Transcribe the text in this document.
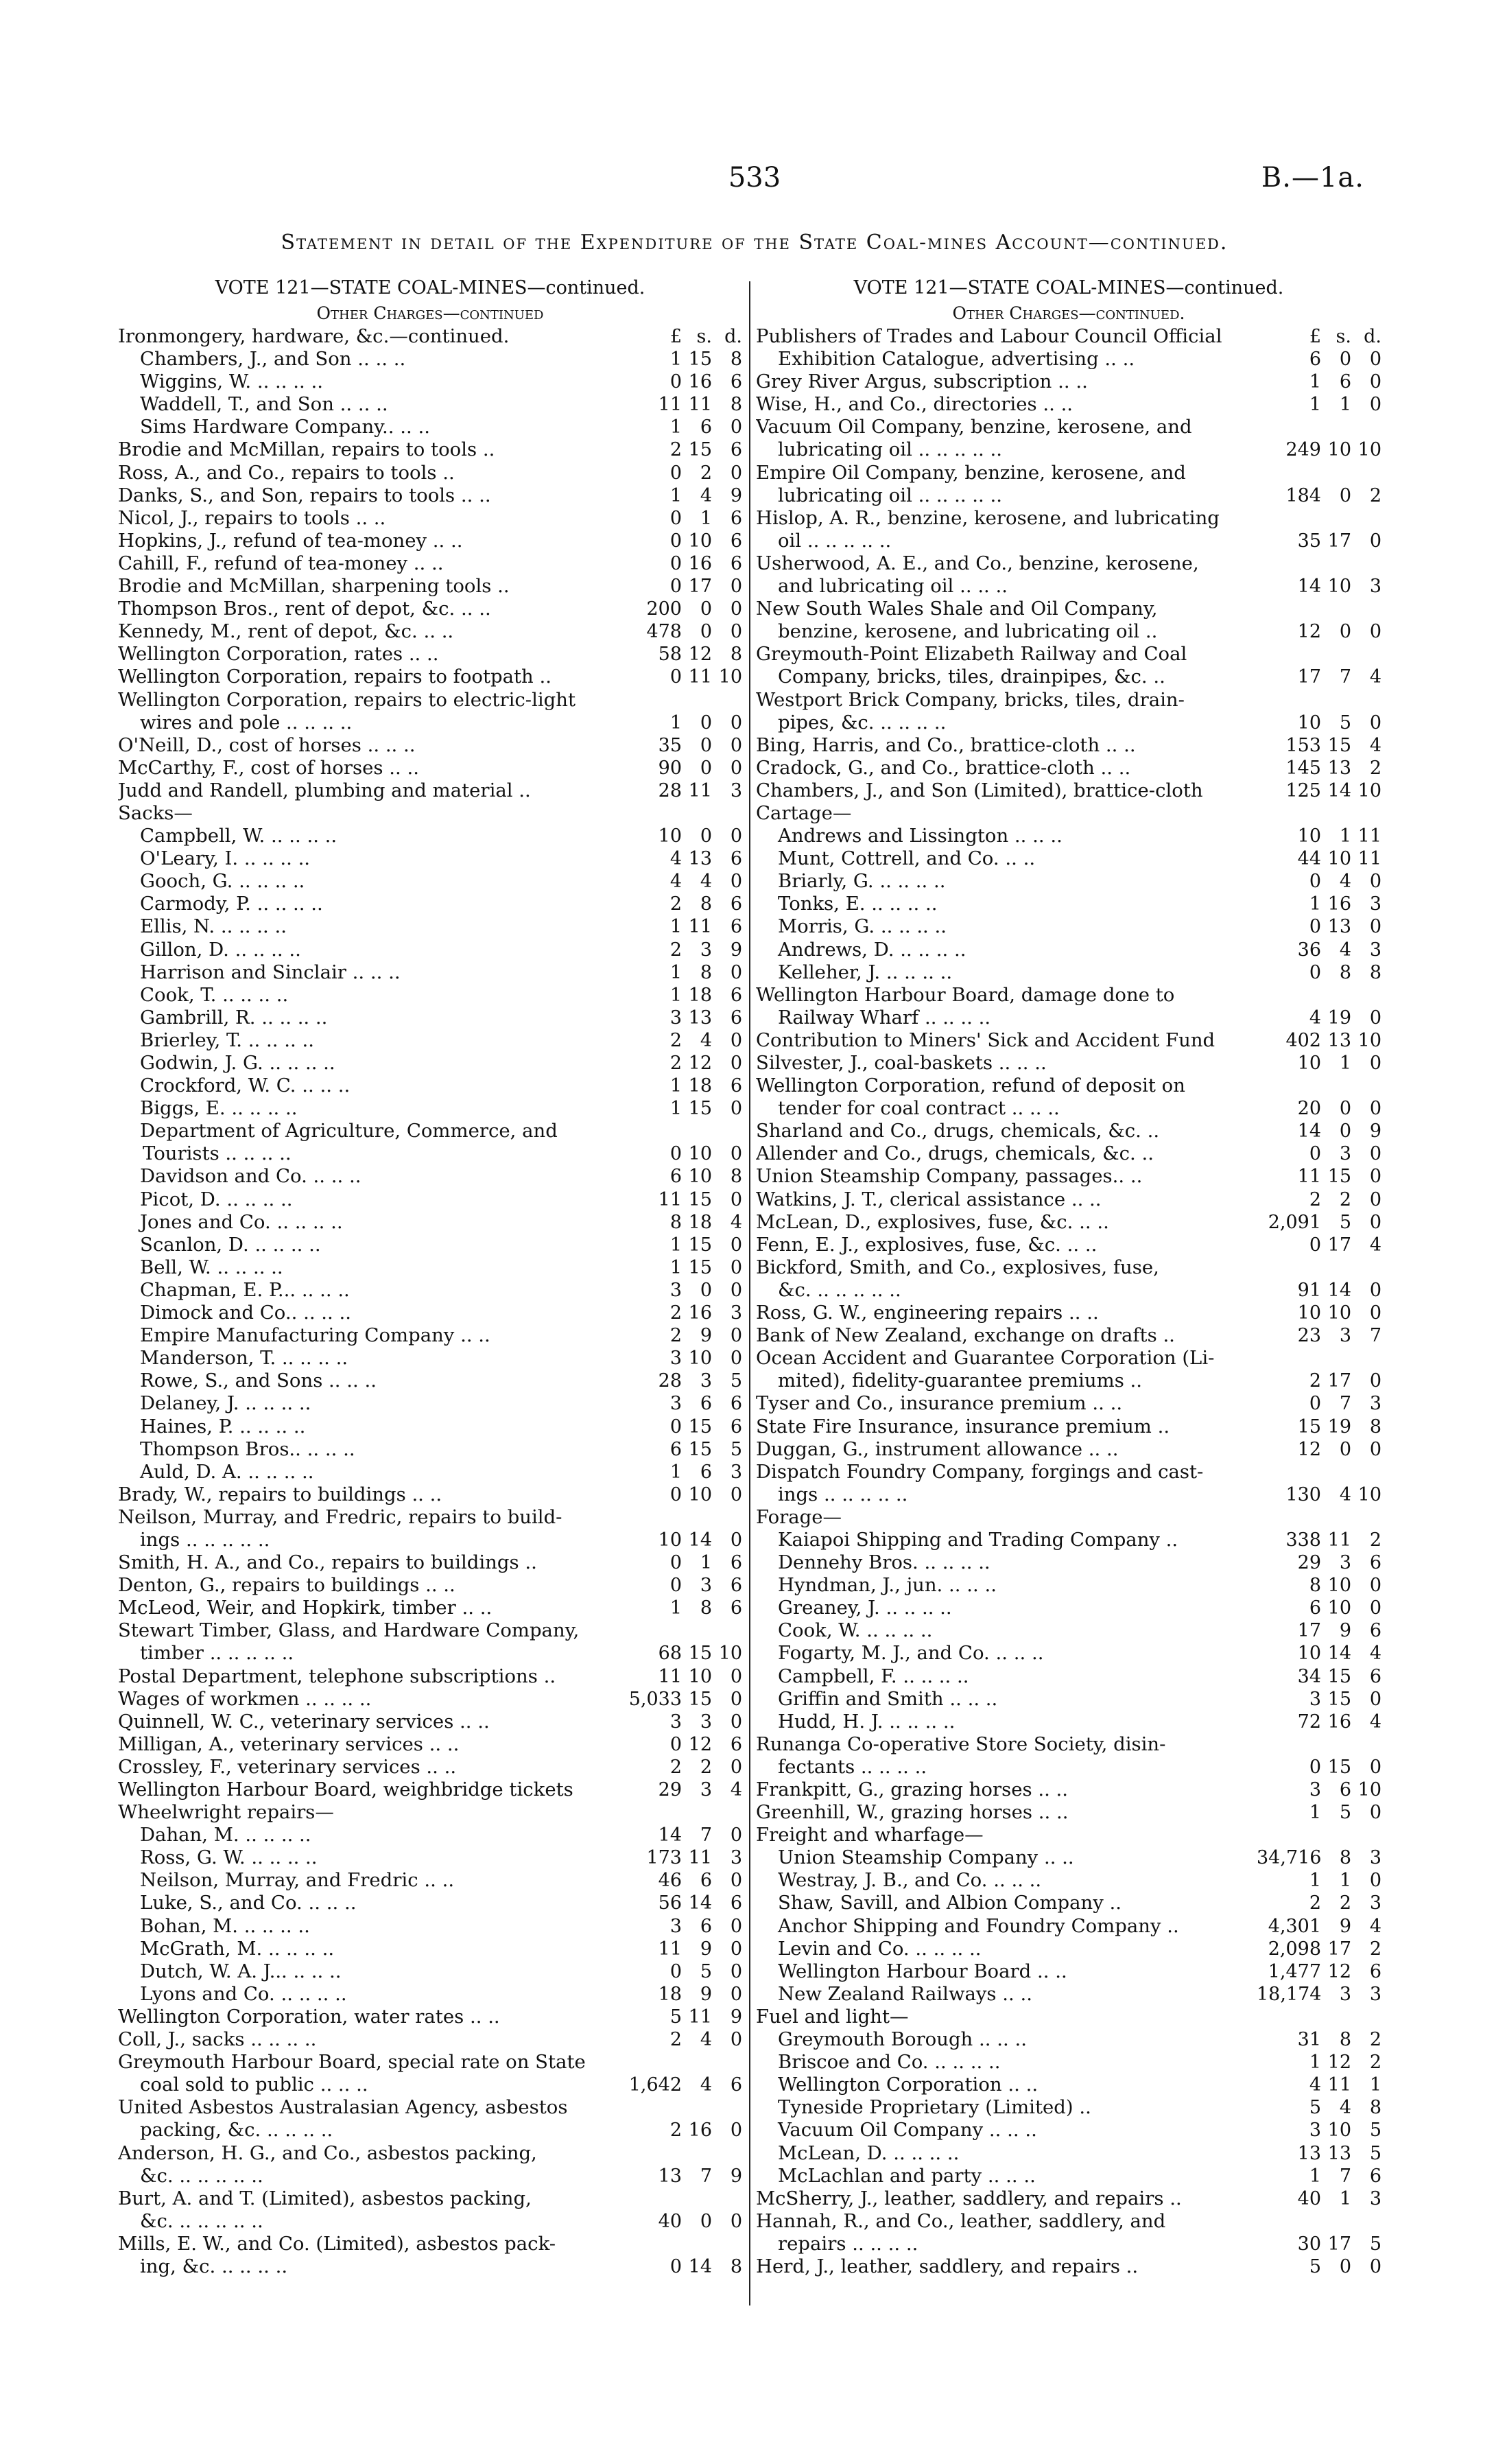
533	B.—1a.
Statement in detail of the Expenditure of the State Coal-mines Account—continued.
VOTE 121—STATE COAL-MINES—continued.
Other Charges—continued
Ironmongery, hardware, &c.—continued.	£ s. d.
Chambers, J., and Son .. .. ..	1 15 8
Wiggins, W. .. .. .. ..	0 16 6
Waddell, T., and Son .. .. ..	11 11 8
Sims Hardware Company.. .. ..	1 6 0
Brodie and McMillan, repairs to tools ..	2 15 6
Ross, A., and Co., repairs to tools ..	0 2 0
Danks, S., and Son, repairs to tools .. ..	1 4 9
Nicol, J., repairs to tools .. ..	0 1 6
Hopkins, J., refund of tea-money .. ..	0 10 6
Cahill, F., refund of tea-money .. ..	0 16 6
Brodie and McMillan, sharpening tools ..	0 17 0
Thompson Bros., rent of depot, &c. .. ..	200 0 0
Kennedy, M., rent of depot, &c. .. ..	478 0 0
Wellington Corporation, rates .. ..	58 12 8
Wellington Corporation, repairs to footpath ..	0 11 10
Wellington Corporation, repairs to electric-light
wires and pole .. .. .. ..	1 0 0
O'Neill, D., cost of horses .. .. ..	35 0 0
McCarthy, F., cost of horses .. ..	90 0 0
Judd and Randell, plumbing and material ..	28 11 3
Sacks—
Campbell, W. .. .. .. ..	10 0 0
O'Leary, I. .. .. .. ..	4 13 6
Gooch, G. .. .. .. ..	4 4 0
Carmody, P. .. .. .. ..	2 8 6
Ellis, N. .. .. .. ..	1 11 6
Gillon, D. .. .. .. ..	2 3 9
Harrison and Sinclair .. .. ..	1 8 0
Cook, T. .. .. .. ..	1 18 6
Gambrill, R. .. .. .. ..	3 13 6
Brierley, T. .. .. .. ..	2 4 0
Godwin, J. G. .. .. .. ..	2 12 0
Crockford, W. C. .. .. ..	1 18 6
Biggs, E. .. .. .. ..	1 15 0
Department of Agriculture, Commerce, and
Tourists .. .. .. ..	0 10 0
Davidson and Co. .. .. ..	6 10 8
Picot, D. .. .. .. ..	11 15 0
Jones and Co. .. .. .. ..	8 18 4
Scanlon, D. .. .. .. ..	1 15 0
Bell, W. .. .. .. ..	1 15 0
Chapman, E. P... .. .. ..	3 0 0
Dimock and Co.. .. .. ..	2 16 3
Empire Manufacturing Company .. ..	2 9 0
Manderson, T. .. .. .. ..	3 10 0
Rowe, S., and Sons .. .. ..	28 3 5
Delaney, J. .. .. .. ..	3 6 6
Haines, P. .. .. .. ..	0 15 6
Thompson Bros.. .. .. ..	6 15 5
Auld, D. A. .. .. .. ..	1 6 3
Brady, W., repairs to buildings .. ..	0 10 0
Neilson, Murray, and Fredric, repairs to build-
ings .. .. .. .. ..	10 14 0
Smith, H. A., and Co., repairs to buildings ..	0 1 6
Denton, G., repairs to buildings .. ..	0 3 6
McLeod, Weir, and Hopkirk, timber .. ..	1 8 6
Stewart Timber, Glass, and Hardware Company,
timber .. .. .. .. ..	68 15 10
Postal Department, telephone subscriptions ..	11 10 0
Wages of workmen .. .. .. ..	5,033 15 0
Quinnell, W. C., veterinary services .. ..	3 3 0
Milligan, A., veterinary services .. ..	0 12 6
Crossley, F., veterinary services .. ..	2 2 0
Wellington Harbour Board, weighbridge tickets	29 3 4
Wheelwright repairs—
Dahan, M. .. .. .. ..	14 7 0
Ross, G. W. .. .. .. ..	173 11 3
Neilson, Murray, and Fredric .. ..	46 6 0
Luke, S., and Co. .. .. ..	56 14 6
Bohan, M. .. .. .. ..	3 6 0
McGrath, M. .. .. .. ..	11 9 0
Dutch, W. A. J... .. .. ..	0 5 0
Lyons and Co. .. .. .. ..	18 9 0
Wellington Corporation, water rates .. ..	5 11 9
Coll, J., sacks .. .. .. ..	2 4 0
Greymouth Harbour Board, special rate on State
coal sold to public .. .. ..	1,642 4 6
United Asbestos Australasian Agency, asbestos
packing, &c. .. .. .. ..	2 16 0
Anderson, H. G., and Co., asbestos packing,
&c. .. .. .. .. ..	13 7 9
Burt, A. and T. (Limited), asbestos packing,
&c. .. .. .. .. ..	40 0 0
Mills, E. W., and Co. (Limited), asbestos pack-
ing, &c. .. .. .. ..	0 14 8
VOTE 121—STATE COAL-MINES—continued.
Other Charges—continued.
Publishers of Trades and Labour Council Official	£ s. d.
Exhibition Catalogue, advertising .. ..	6 0 0
Grey River Argus, subscription .. ..	1 6 0
Wise, H., and Co., directories .. ..	1 1 0
Vacuum Oil Company, benzine, kerosene, and
lubricating oil .. .. .. .. ..	249 10 10
Empire Oil Company, benzine, kerosene, and
lubricating oil .. .. .. .. ..	184 0 2
Hislop, A. R., benzine, kerosene, and lubricating
oil .. .. .. .. ..	35 17 0
Usherwood, A. E., and Co., benzine, kerosene,
and lubricating oil .. .. ..	14 10 3
New South Wales Shale and Oil Company,
benzine, kerosene, and lubricating oil ..	12 0 0
Greymouth-Point Elizabeth Railway and Coal
Company, bricks, tiles, drainpipes, &c. ..	17 7 4
Westport Brick Company, bricks, tiles, drain-
pipes, &c. .. .. .. ..	10 5 0
Bing, Harris, and Co., brattice-cloth .. ..	153 15 4
Cradock, G., and Co., brattice-cloth .. ..	145 13 2
Chambers, J., and Son (Limited), brattice-cloth	125 14 10
Cartage—
Andrews and Lissington .. .. ..	10 1 11
Munt, Cottrell, and Co. .. ..	44 10 11
Briarly, G. .. .. .. ..	0 4 0
Tonks, E. .. .. .. ..	1 16 3
Morris, G. .. .. .. ..	0 13 0
Andrews, D. .. .. .. ..	36 4 3
Kelleher, J. .. .. .. ..	0 8 8
Wellington Harbour Board, damage done to
Railway Wharf .. .. .. ..	4 19 0
Contribution to Miners' Sick and Accident Fund	402 13 10
Silvester, J., coal-baskets .. .. ..	10 1 0
Wellington Corporation, refund of deposit on
tender for coal contract .. .. ..	20 0 0
Sharland and Co., drugs, chemicals, &c. ..	14 0 9
Allender and Co., drugs, chemicals, &c. ..	0 3 0
Union Steamship Company, passages.. ..	11 15 0
Watkins, J. T., clerical assistance .. ..	2 2 0
McLean, D., explosives, fuse, &c. .. ..	2,091 5 0
Fenn, E. J., explosives, fuse, &c. .. ..	0 17 4
Bickford, Smith, and Co., explosives, fuse,
&c. .. .. .. .. ..	91 14 0
Ross, G. W., engineering repairs .. ..	10 10 0
Bank of New Zealand, exchange on drafts ..	23 3 7
Ocean Accident and Guarantee Corporation (Li-
mited), fidelity-guarantee premiums ..	2 17 0
Tyser and Co., insurance premium .. ..	0 7 3
State Fire Insurance, insurance premium ..	15 19 8
Duggan, G., instrument allowance .. ..	12 0 0
Dispatch Foundry Company, forgings and cast-
ings .. .. .. .. ..	130 4 10
Forage—
Kaiapoi Shipping and Trading Company ..	338 11 2
Dennehy Bros. .. .. .. ..	29 3 6
Hyndman, J., jun. .. .. ..	8 10 0
Greaney, J. .. .. .. ..	6 10 0
Cook, W. .. .. .. ..	17 9 6
Fogarty, M. J., and Co. .. .. ..	10 14 4
Campbell, F. .. .. .. ..	34 15 6
Griffin and Smith .. .. ..	3 15 0
Hudd, H. J. .. .. .. ..	72 16 4
Runanga Co-operative Store Society, disin-
fectants .. .. .. ..	0 15 0
Frankpitt, G., grazing horses .. ..	3 6 10
Greenhill, W., grazing horses .. ..	1 5 0
Freight and wharfage—
Union Steamship Company .. ..	34,716 8 3
Westray, J. B., and Co. .. .. ..	1 1 0
Shaw, Savill, and Albion Company ..	2 2 3
Anchor Shipping and Foundry Company ..	4,301 9 4
Levin and Co. .. .. .. ..	2,098 17 2
Wellington Harbour Board .. ..	1,477 12 6
New Zealand Railways .. ..	18,174 3 3
Fuel and light—
Greymouth Borough .. .. ..	31 8 2
Briscoe and Co. .. .. .. ..	1 12 2
Wellington Corporation .. ..	4 11 1
Tyneside Proprietary (Limited) ..	5 4 8
Vacuum Oil Company .. .. ..	3 10 5
McLean, D. .. .. .. ..	13 13 5
McLachlan and party .. .. ..	1 7 6
McSherry, J., leather, saddlery, and repairs ..	40 1 3
Hannah, R., and Co., leather, saddlery, and
repairs .. .. .. ..	30 17 5
Herd, J., leather, saddlery, and repairs ..	5 0 0
